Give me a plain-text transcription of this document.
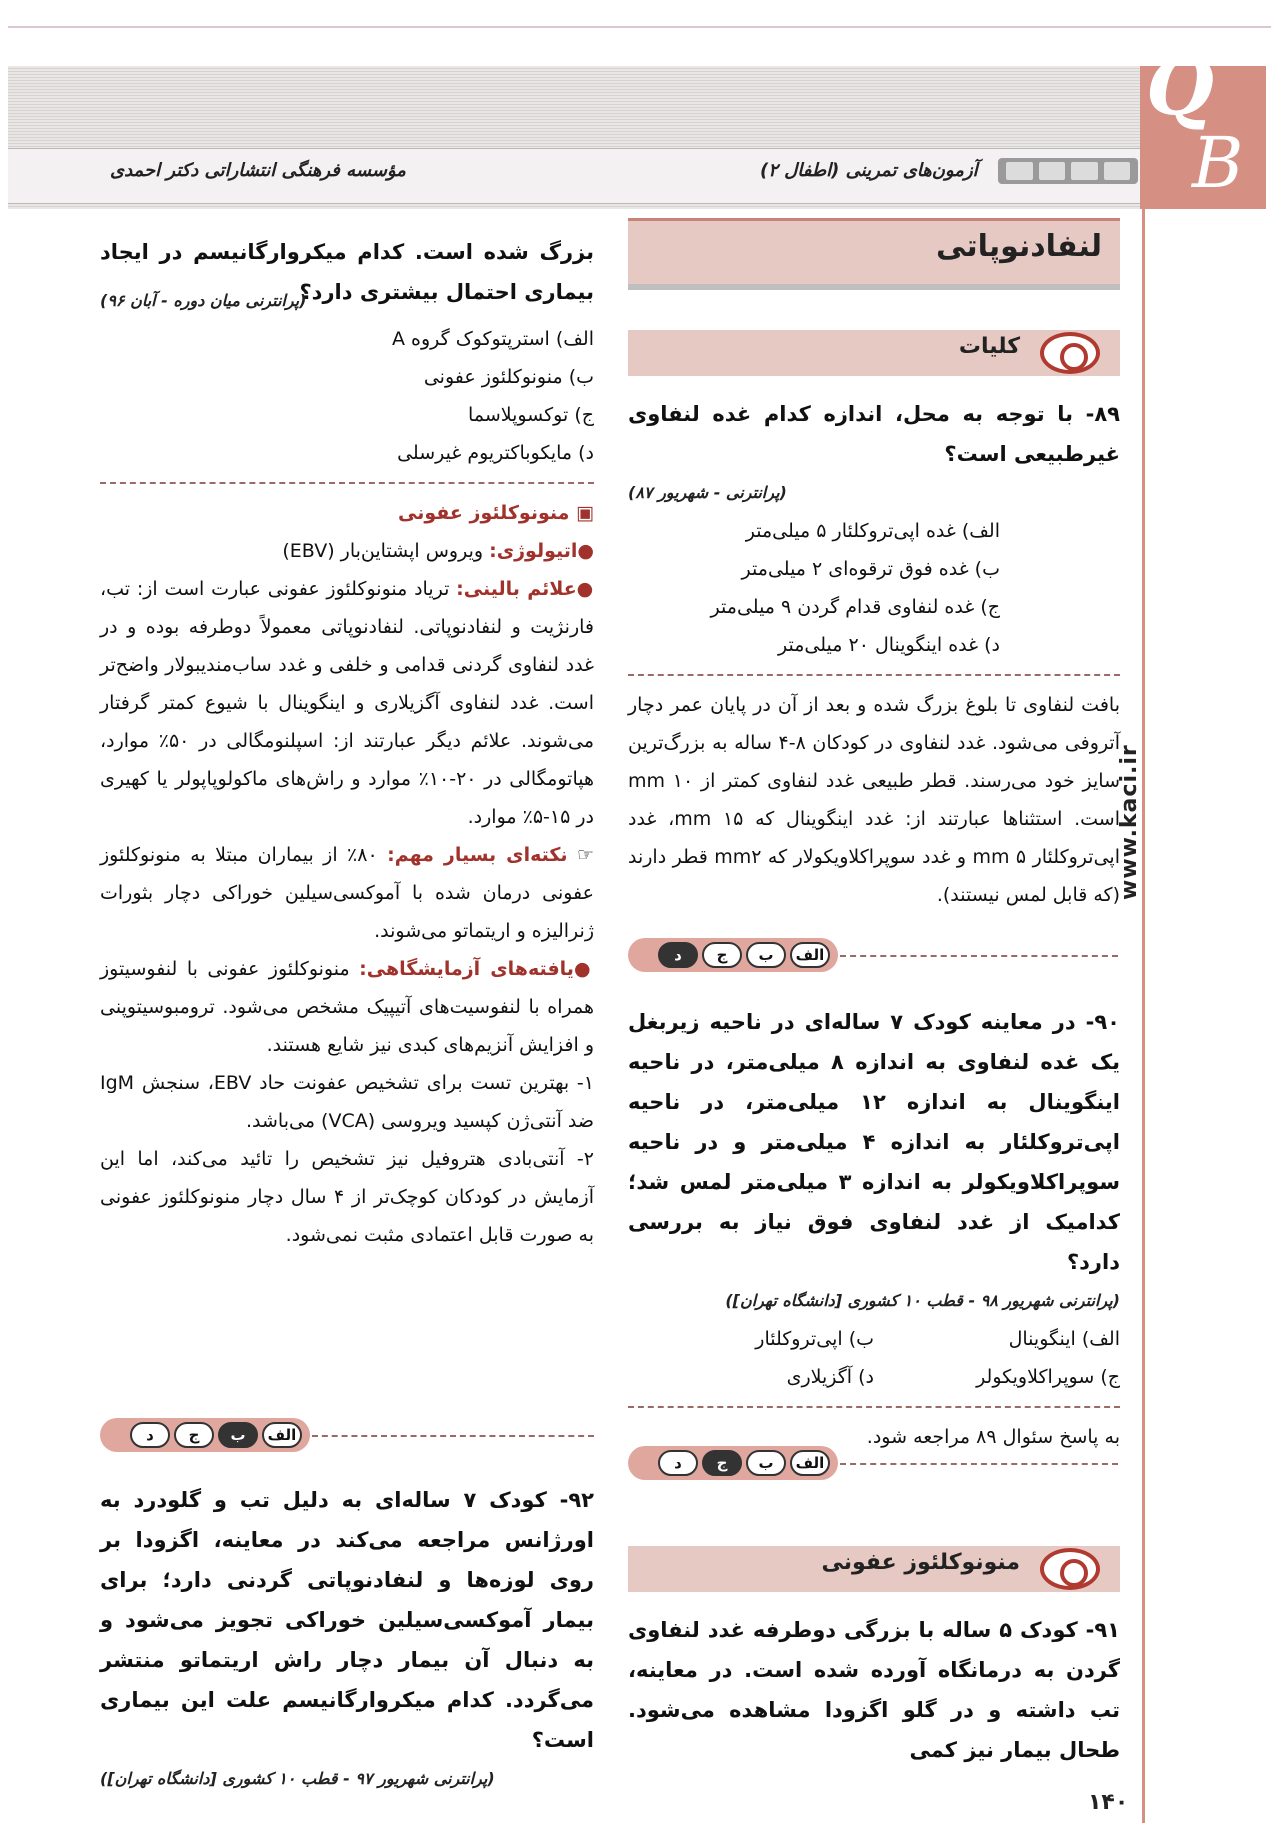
مؤسسه فرهنگی انتشاراتی دکتر احمدی	آزمون‌های تمرینی (اطفال ۲)
Q
B
www.kaci.ir
لنفادنوپاتی
کلیات
۸۹- با توجه به محل، اندازه کدام غده لنفاوی غیرطبیعی است؟
(پرانترنی - شهریور ۸۷)
الف) غده اپی‌تروکلئار ۵ میلی‌متر
ب) غده فوق ترقوه‌ای ۲ میلی‌متر
ج) غده لنفاوی قدام گردن ۹ میلی‌متر
د) غده اینگوینال ۲۰ میلی‌متر
بافت لنفاوی تا بلوغ بزرگ شده و بعد از آن در پایان عمر دچار آتروفی می‌شود. غدد لنفاوی در کودکان ۸-۴ ساله به بزرگ‌ترین سایز خود می‌رسند. قطر طبیعی غدد لنفاوی کمتر از mm ۱۰ است. استثناها عبارتند از: غدد اینگوینال که mm ۱۵، غدد اپی‌تروکلئار mm ۵ و غدد سوپراکلاویکولار که mm۲ قطر دارند (که قابل لمس نیستند).
الف
ب
ج
د
۹۰- در معاینه کودک ۷ ساله‌ای در ناحیه زیربغل یک غده لنفاوی به اندازه ۸ میلی‌متر، در ناحیه اینگوینال به اندازه ۱۲ میلی‌متر، در ناحیه اپی‌تروکلئار به اندازه ۴ میلی‌متر و در ناحیه سوپراکلاویکولر به اندازه ۳ میلی‌متر لمس شد؛ کدامیک از غدد لنفاوی فوق نیاز به بررسی دارد؟
(پرانترنی شهریور ۹۸ - قطب ۱۰ کشوری [دانشگاه تهران])
الف) اینگوینال
ب) اپی‌تروکلئار
ج) سوپراکلاویکولر
د) آگزیلاری
به پاسخ سئوال ۸۹ مراجعه شود.
الف
ب
ج
د
منونوکلئوز عفونی
۹۱- کودک ۵ ساله با بزرگی دوطرفه غدد لنفاوی گردن به درمانگاه آورده شده است. در معاینه، تب داشته و در گلو اگزودا مشاهده می‌شود. طحال بیمار نیز کمی
بزرگ شده است. کدام میکروارگانیسم در ایجاد بیماری احتمال بیشتری دارد؟
(پرانترنی میان دوره - آبان ۹۶)
الف) استرپتوکوک گروه A
ب) منونوکلئوز عفونی
ج) توکسوپلاسما
د) مایکوباکتریوم غیرسلی
▣ منونوکلئوز عفونی
●اتیولوژی: ویروس اپشتاین‌بار (EBV)
●علائم بالینی: تریاد منونوکلئوز عفونی عبارت است از: تب، فارنژیت و لنفادنوپاتی. لنفادنوپاتی معمولاً دوطرفه بوده و در غدد لنفاوی گردنی قدامی و خلفی و غدد ساب‌مندیبولار واضح‌تر است. غدد لنفاوی آگزیلاری و اینگوینال با شیوع کمتر گرفتار می‌شوند. علائم دیگر عبارتند از: اسپلنومگالی در ۵۰٪ موارد، هپاتومگالی در ۲۰-۱۰٪ موارد و راش‌های ماکولوپاپولر یا کهیری در ۱۵-۵٪ موارد.
☞ نکته‌ای بسیار مهم: ۸۰٪ از بیماران مبتلا به منونوکلئوز عفونی درمان شده با آموکسی‌سیلین خوراکی دچار بثورات ژنرالیزه و اریتماتو می‌شوند.
●یافته‌های آزمایشگاهی: منونوکلئوز عفونی با لنفوسیتوز همراه با لنفوسیت‌های آتیپیک مشخص می‌شود. ترومبوسیتوپنی و افزایش آنزیم‌های کبدی نیز شایع هستند.
۱- بهترین تست برای تشخیص عفونت حاد EBV، سنجش IgM ضد آنتی‌ژن کپسید ویروسی (VCA) می‌باشد.
۲- آنتی‌بادی هتروفیل نیز تشخیص را تائید می‌کند، اما این آزمایش در کودکان کوچک‌تر از ۴ سال دچار منونوکلئوز عفونی به صورت قابل اعتمادی مثبت نمی‌شود.
الف
ب
ج
د
۹۲- کودک ۷ ساله‌ای به دلیل تب و گلودرد به اورژانس مراجعه می‌کند در معاینه، اگزودا بر روی لوزه‌ها و لنفادنوپاتی گردنی دارد؛ برای بیمار آموکسی‌سیلین خوراکی تجویز می‌شود و به دنبال آن بیمار دچار راش اریتماتو منتشر می‌گردد. کدام میکروارگانیسم علت این بیماری است؟
(پرانترنی شهریور ۹۷ - قطب ۱۰ کشوری [دانشگاه تهران])
۱۴۰
